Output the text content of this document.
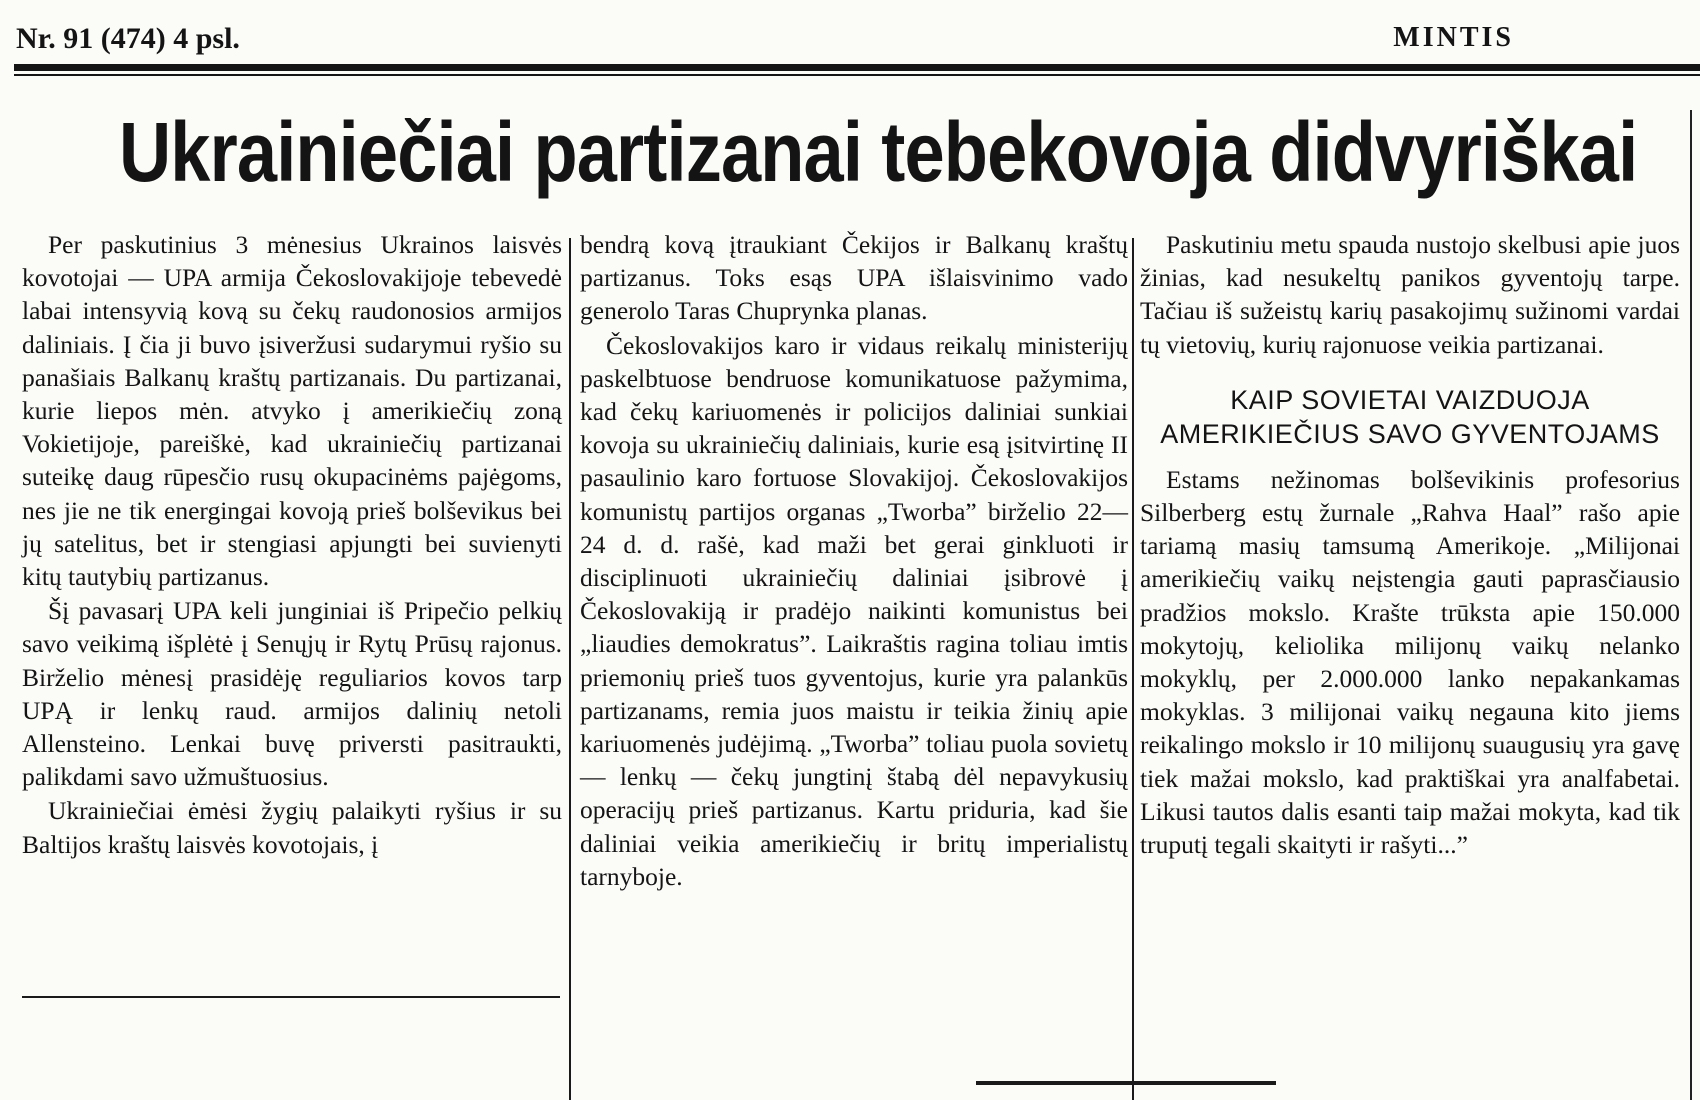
Nr. 91 (474) 4 psl.	MINTIS
Ukrainiečiai partizanai tebekovoja didvyriškai

Per paskutinius 3 mėnesius Ukrainos laisvės kovotojai — UPA armija Čekoslovakijoje tebevedė labai intensyvią kovą su čekų raudonosios armijos daliniais. Į čia ji buvo įsiveržusi sudarymui ryšio su panašiais Balkanų kraštų partizanais. Du partizanai, kurie liepos mėn. atvyko į amerikiečių zoną Vokietijoje, pareiškė, kad ukrainiečių partizanai suteikę daug rūpesčio rusų okupacinėms pajėgoms, nes jie ne tik energingai kovoją prieš bolševikus bei jų satelitus, bet ir stengiasi apjungti bei suvienyti kitų tautybių partizanus.

Šį pavasarį UPA keli junginiai iš Pripečio pelkių savo veikimą išplėtė į Senųjų ir Rytų Prūsų rajonus. Birželio mėnesį prasidėję reguliarios kovos tarp UPĄ ir lenkų raud. armijos dalinių netoli Allensteino. Lenkai buvę priversti pasitraukti, palikdami savo užmuštuosius.

Ukrainiečiai ėmėsi žygių palaikyti ryšius ir su Baltijos kraštų laisvės kovotojais, į

bendrą kovą įtraukiant Čekijos ir Balkanų kraštų partizanus. Toks esąs UPA išlaisvinimo vado generolo Taras Chuprynka planas.

Čekoslovakijos karo ir vidaus reikalų ministerijų paskelbtuose bendruose komunikatuose pažymima, kad čekų kariuomenės ir policijos daliniai sunkiai kovoja su ukrainiečių daliniais, kurie esą įsitvirtinę II pasaulinio karo fortuose Slovakijoj. Čekoslovakijos komunistų partijos organas „Tworba” birželio 22—24 d. d. rašė, kad maži bet gerai ginkluoti ir disciplinuoti ukrainiečių daliniai įsibrovė į Čekoslovakiją ir pradėjo naikinti komunistus bei „liaudies demokratus”. Laikraštis ragina toliau imtis priemonių prieš tuos gyventojus, kurie yra palankūs partizanams, remia juos maistu ir teikia žinių apie kariuomenės judėjimą. „Tworba” toliau puola sovietų — lenkų — čekų jungtinį štabą dėl nepavykusių operacijų prieš partizanus. Kartu priduria, kad šie daliniai veikia amerikiečių ir britų imperialistų tarnyboje.

Paskutiniu metu spauda nustojo skelbusi apie juos žinias, kad nesukeltų panikos gyventojų tarpe. Tačiau iš sužeistų karių pasakojimų sužinomi vardai tų vietovių, kurių rajonuose veikia partizanai.

KAIP SOVIETAI VAIZDUOJA AMERIKIEČIUS SAVO GYVENTOJAMS

Estams nežinomas bolševikinis profesorius Silberberg estų žurnale „Rahva Haal” rašo apie tariamą masių tamsumą Amerikoje. „Milijonai amerikiečių vaikų neįstengia gauti paprasčiausio pradžios mokslo. Krašte trūksta apie 150.000 mokytojų, keliolika milijonų vaikų nelanko mokyklų, per 2.000.000 lanko nepakankamas mokyklas. 3 milijonai vaikų negauna kito jiems reikalingo mokslo ir 10 milijonų suaugusių yra gavę tiek mažai mokslo, kad praktiškai yra analfabetai. Likusi tautos dalis esanti taip mažai mokyta, kad tik truputį tegali skaityti ir rašyti...”
